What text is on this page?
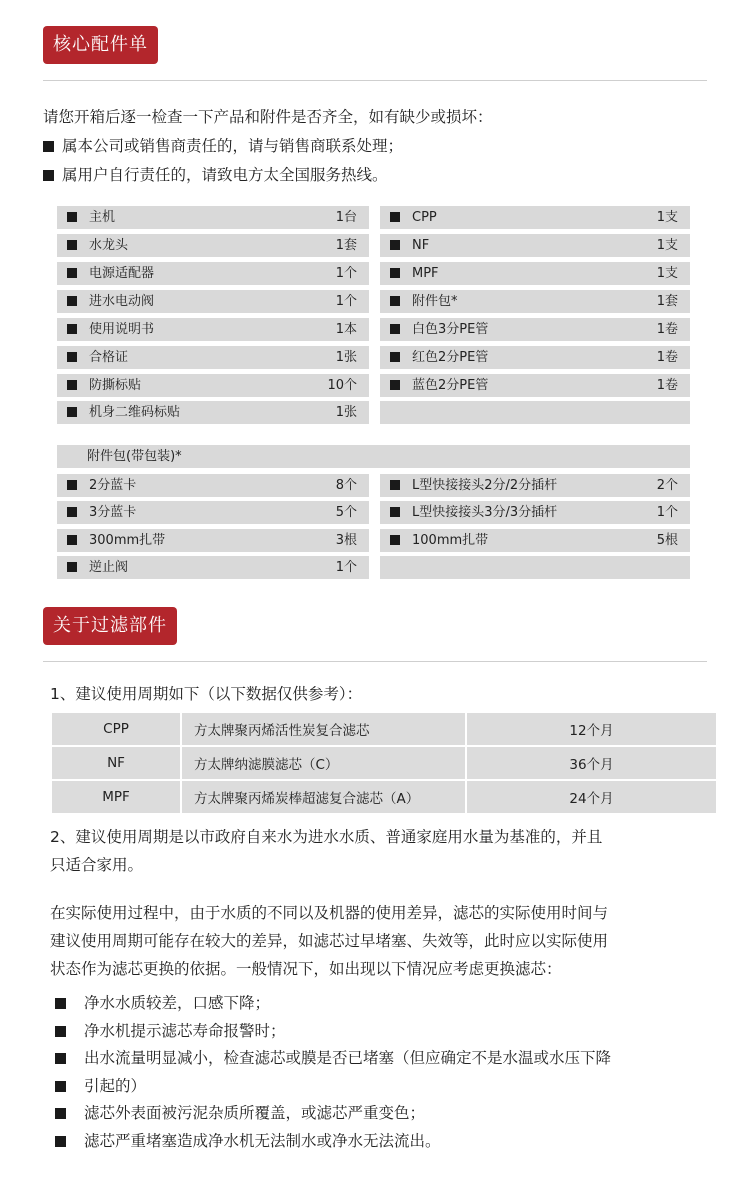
核心配件单
请您开箱后逐一检查一下产品和附件是否齐全，如有缺少或损坏：
属本公司或销售商责任的，请与销售商联系处理；
属用户自行责任的，请致电方太全国服务热线。
主机	1台
水龙头	1套
电源适配器	1个
进水电动阀	1个
使用说明书	1本
合格证	1张
防撕标贴	10个
机身二维码标贴	1张
CPP	1支
NF	1支
MPF	1支
附件包*	1套
白色3分PE管	1卷
红色2分PE管	1卷
蓝色2分PE管	1卷
附件包(带包装)*
2分蓝卡	8个
3分蓝卡	5个
300mm扎带	3根
逆止阀	1个
L型快接接头2分/2分插杆	2个
L型快接接头3分/3分插杆	1个
100mm扎带	5根
关于过滤部件
1、建议使用周期如下（以下数据仅供参考）：
CPP	方太牌聚丙烯活性炭复合滤芯	12个月
NF	方太牌纳滤膜滤芯（C）	36个月
MPF	方太牌聚丙烯炭棒超滤复合滤芯（A）	24个月
2、建议使用周期是以市政府自来水为进水水质、普通家庭用水量为基准的，并且
只适合家用。
在实际使用过程中，由于水质的不同以及机器的使用差异，滤芯的实际使用时间与
建议使用周期可能存在较大的差异，如滤芯过早堵塞、失效等，此时应以实际使用
状态作为滤芯更换的依据。一般情况下，如出现以下情况应考虑更换滤芯：
净水水质较差，口感下降；
净水机提示滤芯寿命报警时；
出水流量明显减小，检查滤芯或膜是否已堵塞（但应确定不是水温或水压下降
引起的）
滤芯外表面被污泥杂质所覆盖，或滤芯严重变色；
滤芯严重堵塞造成净水机无法制水或净水无法流出。
